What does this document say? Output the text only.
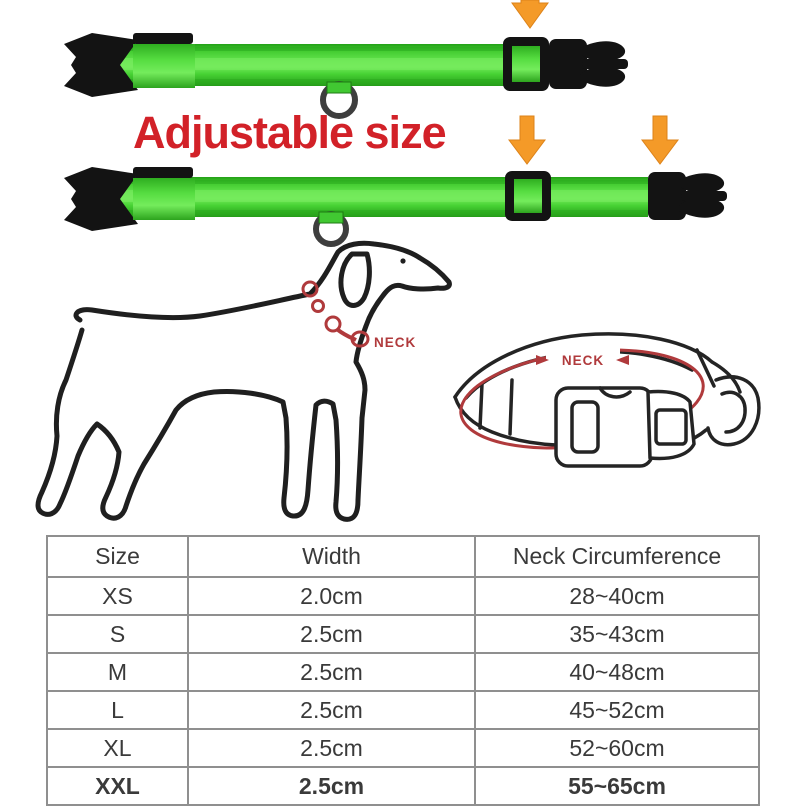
NECK
NECK
Adjustable size
Size	Width	Neck Circumference
XS	2.0cm	28~40cm
S	2.5cm	35~43cm
M	2.5cm	40~48cm
L	2.5cm	45~52cm
XL	2.5cm	52~60cm
XXL	2.5cm	55~65cm
